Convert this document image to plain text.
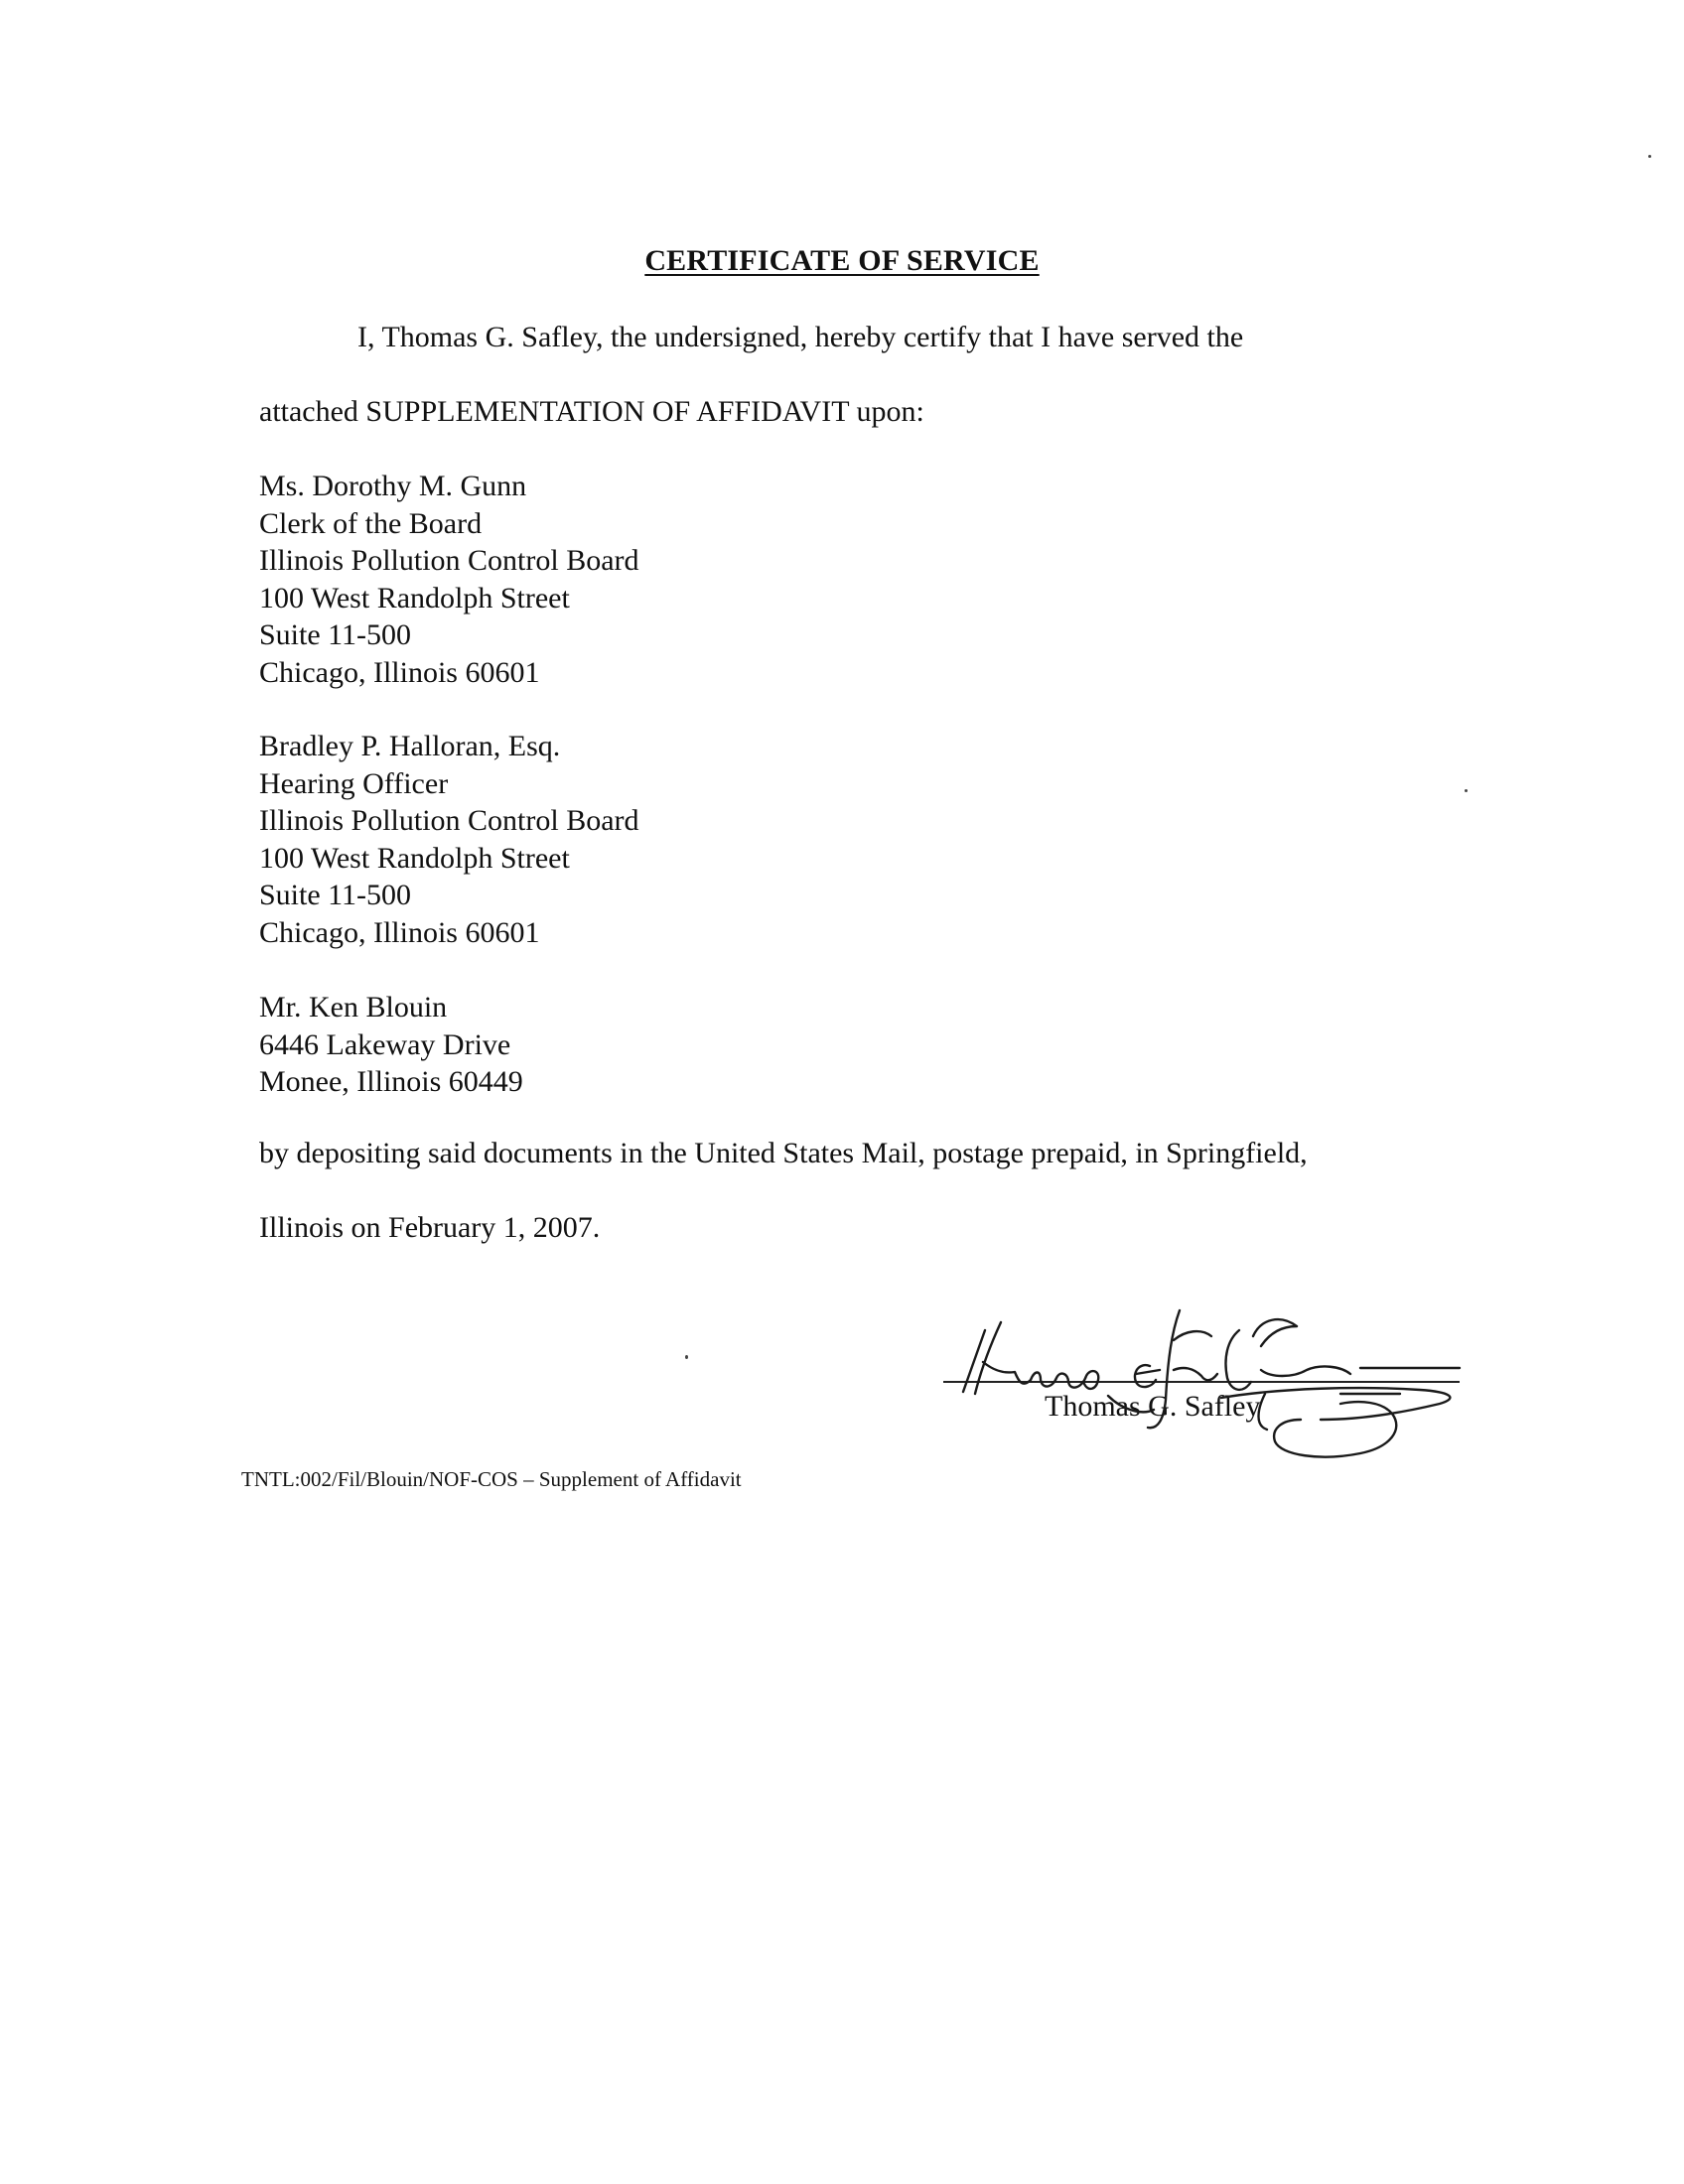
CERTIFICATE OF SERVICE

I, Thomas G. Safley, the undersigned, hereby certify that I have served the

attached SUPPLEMENTATION OF AFFIDAVIT upon:

Ms. Dorothy M. Gunn
Clerk of the Board
Illinois Pollution Control Board
100 West Randolph Street
Suite 11-500
Chicago, Illinois 60601
Bradley P. Halloran, Esq.
Hearing Officer
Illinois Pollution Control Board
100 West Randolph Street
Suite 11-500
Chicago, Illinois 60601
Mr. Ken Blouin
6446 Lakeway Drive
Monee, Illinois 60449

by depositing said documents in the United States Mail, postage prepaid, in Springfield,

Illinois on February 1, 2007.

Thomas G. Safley
TNTL:002/Fil/Blouin/NOF-COS – Supplement of Affidavit
